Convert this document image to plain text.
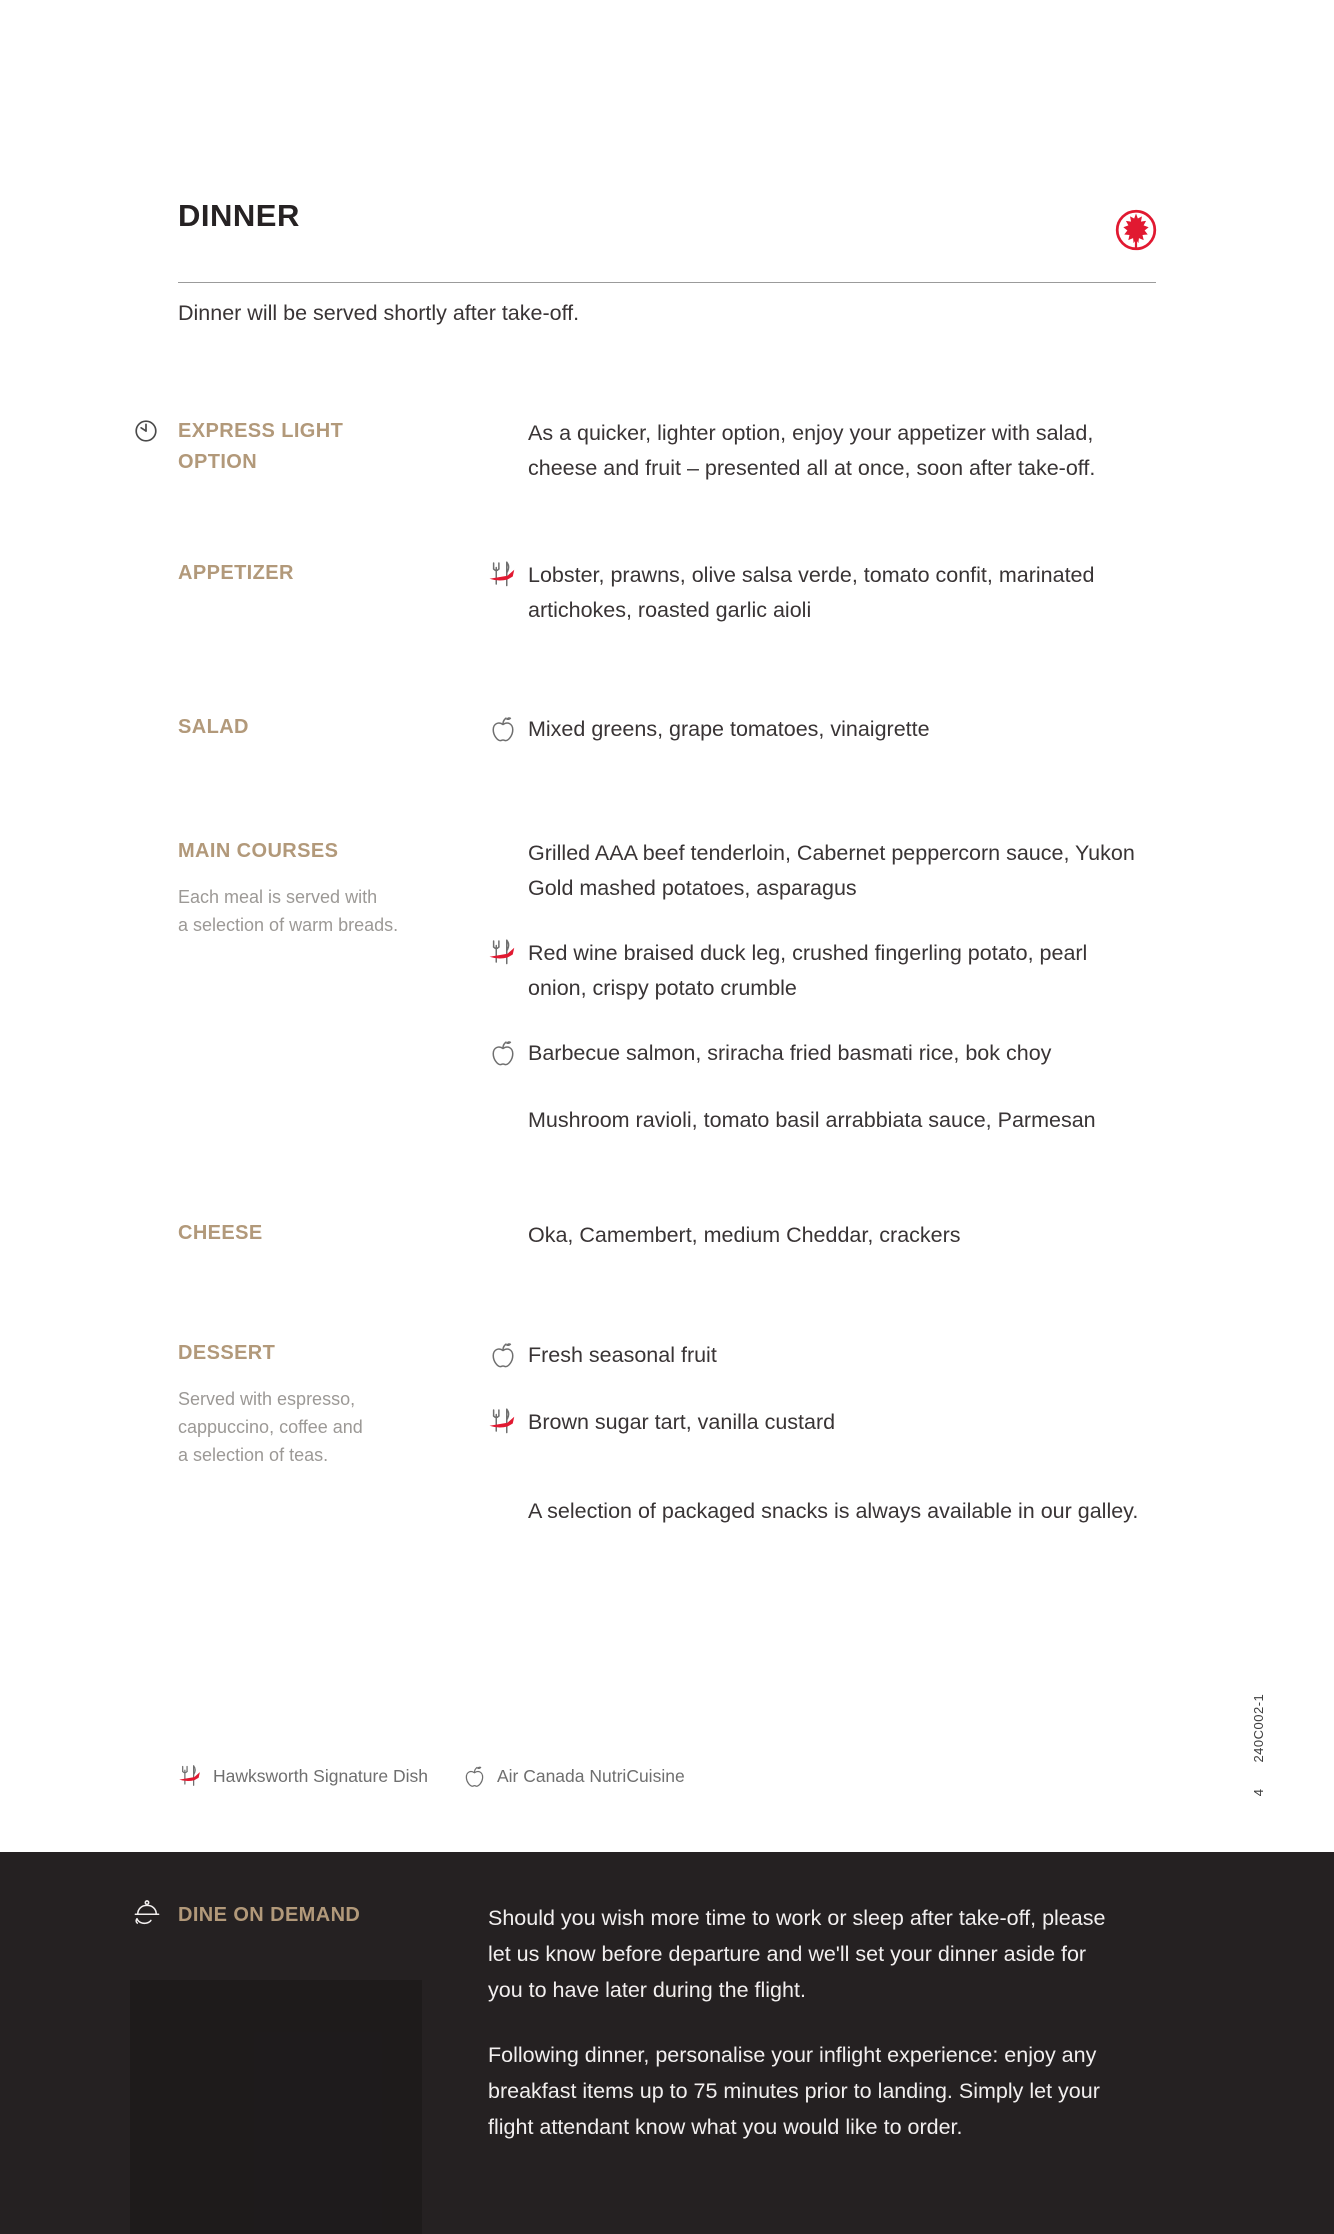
DINNER

Dinner will be served shortly after take-off.

EXPRESS LIGHT OPTION

As a quicker, lighter option, enjoy your appetizer with salad, cheese and fruit – presented all at once, soon after take-off.

APPETIZER	Lobster, prawns, olive salsa verde, tomato confit, marinated artichokes, roasted garlic aioli

SALAD	Mixed greens, grape tomatoes, vinaigrette

MAIN COURSES
Each meal is served with
a selection of warm breads.

Grilled AAA beef tenderloin, Cabernet peppercorn sauce, Yukon Gold mashed potatoes, asparagus

Red wine braised duck leg, crushed fingerling potato, pearl onion, crispy potato crumble

Barbecue salmon, sriracha fried basmati rice, bok choy

Mushroom ravioli, tomato basil arrabbiata sauce, Parmesan

CHEESE	Oka, Camembert, medium Cheddar, crackers

DESSERT
Served with espresso,
cappuccino, coffee and
a selection of teas.

Fresh seasonal fruit

Brown sugar tart, vanilla custard

A selection of packaged snacks is always available in our galley.

Hawksworth Signature Dish	Air Canada NutriCuisine
4
240C002-1
DINE ON DEMAND	Should you wish more time to work or sleep after take-off, please let us know before departure and we'll set your dinner aside for you to have later during the flight.

Following dinner, personalise your inflight experience: enjoy any breakfast items up to 75 minutes prior to landing. Simply let your flight attendant know what you would like to order.
